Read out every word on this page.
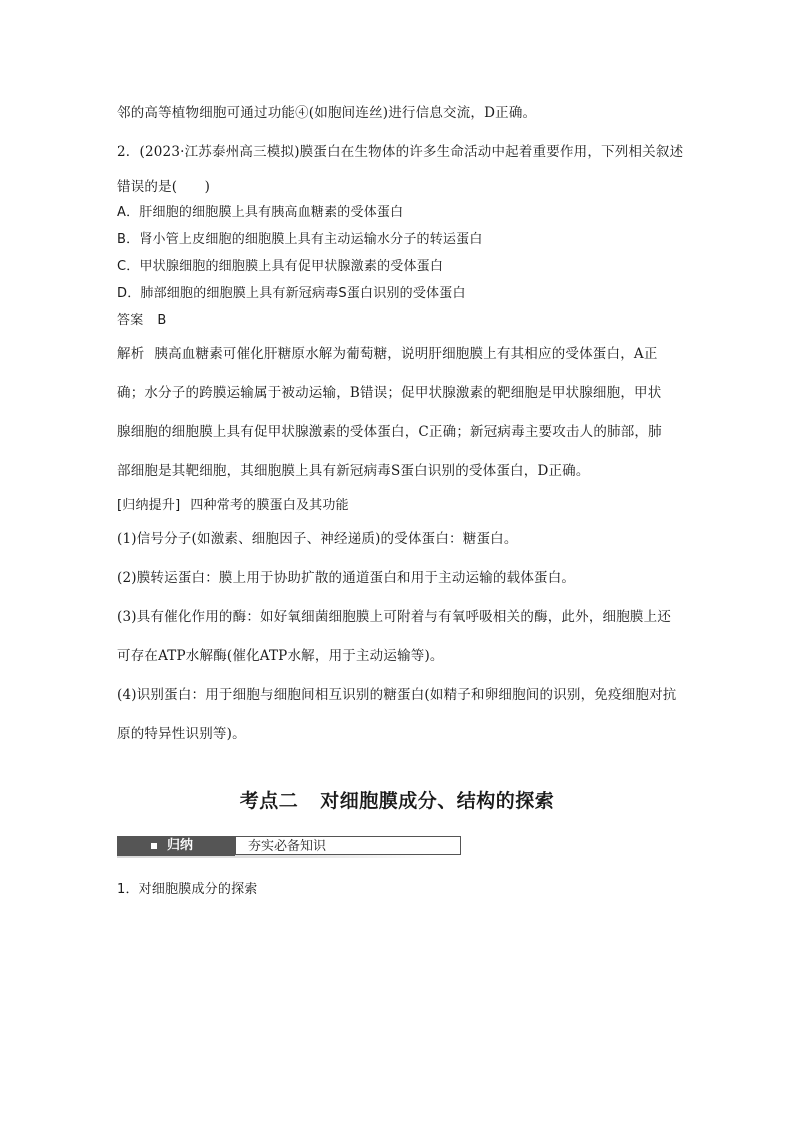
邻的高等植物细胞可通过功能④(如胞间连丝)进行信息交流，D正确。
2．(2023·江苏泰州高三模拟)膜蛋白在生物体的许多生命活动中起着重要作用，下列相关叙述
错误的是(　　)
A．肝细胞的细胞膜上具有胰高血糖素的受体蛋白
B．肾小管上皮细胞的细胞膜上具有主动运输水分子的转运蛋白
C．甲状腺细胞的细胞膜上具有促甲状腺激素的受体蛋白
D．肺部细胞的细胞膜上具有新冠病毒S蛋白识别的受体蛋白
答案 B
解析 胰高血糖素可催化肝糖原水解为葡萄糖，说明肝细胞膜上有其相应的受体蛋白，A正
确；水分子的跨膜运输属于被动运输，B错误；促甲状腺激素的靶细胞是甲状腺细胞，甲状
腺细胞的细胞膜上具有促甲状腺激素的受体蛋白，C正确；新冠病毒主要攻击人的肺部，肺
部细胞是其靶细胞，其细胞膜上具有新冠病毒S蛋白识别的受体蛋白，D正确。
[归纳提升] 四种常考的膜蛋白及其功能
(1)信号分子(如激素、细胞因子、神经递质)的受体蛋白：糖蛋白。
(2)膜转运蛋白：膜上用于协助扩散的通道蛋白和用于主动运输的载体蛋白。
(3)具有催化作用的酶：如好氧细菌细胞膜上可附着与有氧呼吸相关的酶，此外，细胞膜上还
可存在ATP水解酶(催化ATP水解，用于主动运输等)。
(4)识别蛋白：用于细胞与细胞间相互识别的糖蛋白(如精子和卵细胞间的识别，免疫细胞对抗
原的特异性识别等)。
考点二 对细胞膜成分、结构的探索
归纳	夯实必备知识
1．对细胞膜成分的探索
